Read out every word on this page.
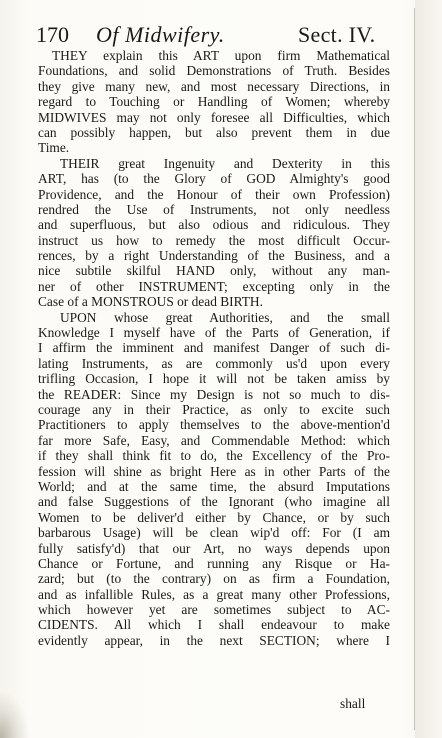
170 Of Midwifery.	Sect. IV.
THEY explain this ART upon firm Mathematical
Foundations, and solid Demonstrations of Truth. Besides
they give many new, and most necessary Directions, in
regard to Touching or Handling of Women; whereby
MIDWIVES may not only foresee all Difficulties, which
can possibly happen, but also prevent them in due
Time.
THEIR great Ingenuity and Dexterity in this
ART, has (to the Glory of GOD Almighty's good
Providence, and the Honour of their own Profession)
rendred the Use of Instruments, not only needless
and superfluous, but also odious and ridiculous. They
instruct us how to remedy the most difficult Occur-
rences, by a right Understanding of the Business, and a
nice subtile skilful HAND only, without any man-
ner of other INSTRUMENT; excepting only in the
Case of a MONSTROUS or dead BIRTH.
UPON whose great Authorities, and the small
Knowledge I myself have of the Parts of Generation, if
I affirm the imminent and manifest Danger of such di-
lating Instruments, as are commonly us'd upon every
trifling Occasion, I hope it will not be taken amiss by
the READER: Since my Design is not so much to dis-
courage any in their Practice, as only to excite such
Practitioners to apply themselves to the above-mention'd
far more Safe, Easy, and Commendable Method: which
if they shall think fit to do, the Excellency of the Pro-
fession will shine as bright Here as in other Parts of the
World; and at the same time, the absurd Imputations
and false Suggestions of the Ignorant (who imagine all
Women to be deliver'd either by Chance, or by such
barbarous Usage) will be clean wip'd off: For (I am
fully satisfy'd) that our Art, no ways depends upon
Chance or Fortune, and running any Risque or Ha-
zard; but (to the contrary) on as firm a Foundation,
and as infallible Rules, as a great many other Professions,
which however yet are sometimes subject to AC-
CIDENTS. All which I shall endeavour to make
evidently appear, in the next SECTION; where I
shall
